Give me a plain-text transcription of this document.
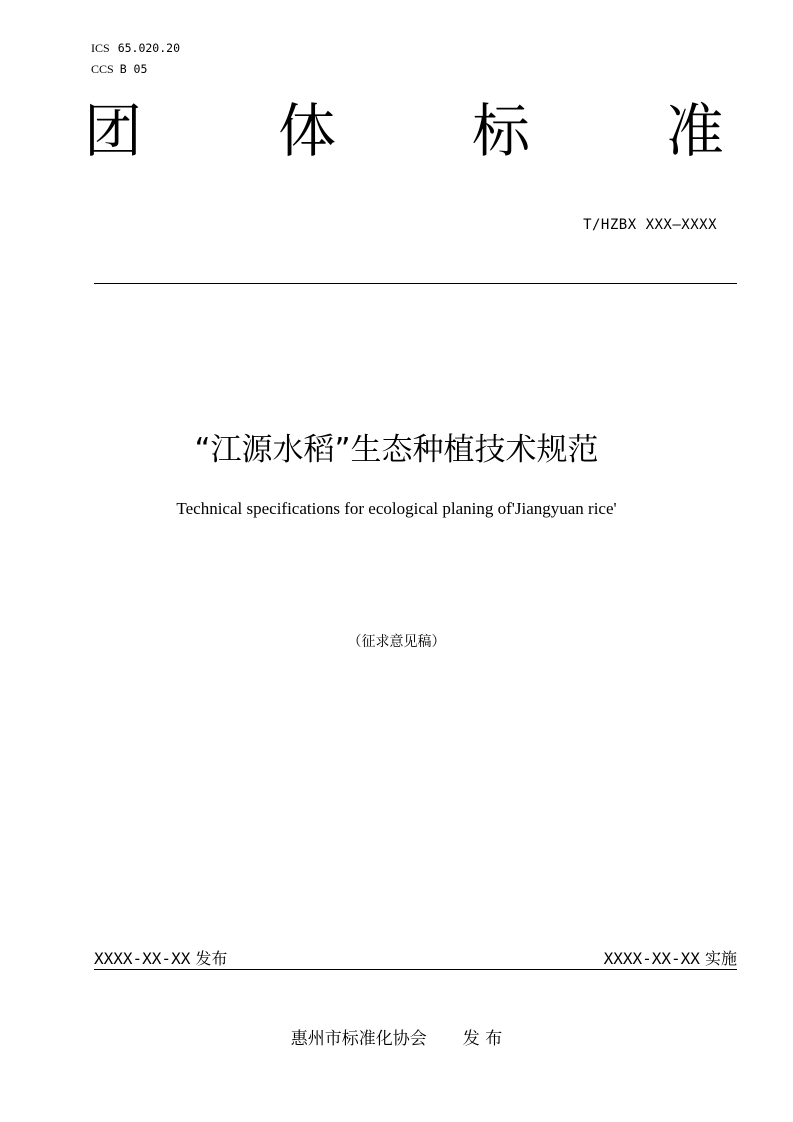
ICS 65.020.20
CCS B 05
团 体 标 准
T/HZBX XXX—XXXX
“江源水稻”生态种植技术规范
Technical specifications for ecological planing of'Jiangyuan rice'
（征求意见稿）
XXXX-XX-XX 发布	XXXX-XX-XX 实施
惠州市标准化协会 发 布
